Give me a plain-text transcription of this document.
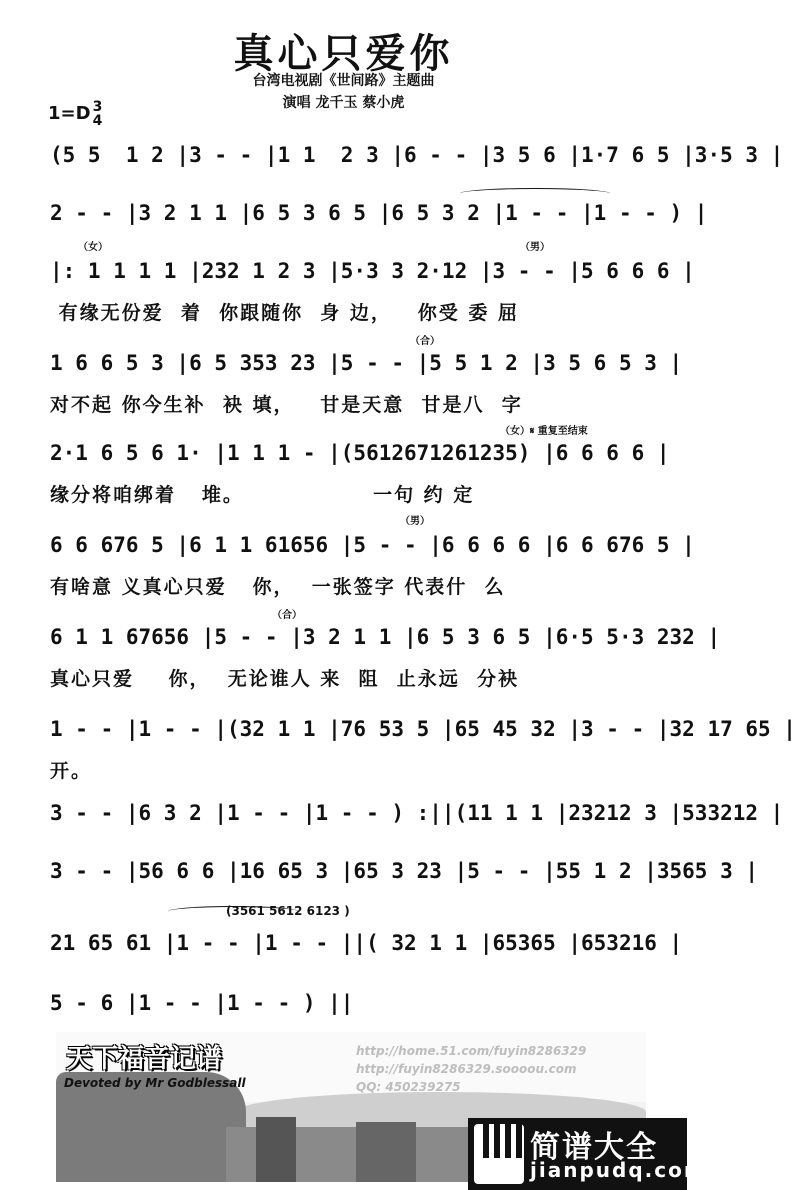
真心只爱你
台湾电视剧《世间路》主题曲
演唱 龙千玉 蔡小虎
1=D 3
4
(5 5  1 2 |3 - - |1 1  2 3 |6 - - |3 5 6 |1·7 6 5 |3·5 3 |
2 - - |3 2 1 1 |6 5 3 6 5 |6 5 3 2 |1 - - |1 - - ) |
（女）	（男）
|: 1 1 1 1 |232 1 2 3 |5·3 3 2·12 |3 - - |5 6 6 6 |
有缘无份爱  着  你跟随你  身 边，   你受 委 屈
（合）
1 6 6 5 3 |6 5 353 23 |5 - - |5 5 1 2 |3 5 6 5 3 |
对不起 你今生补  袂 填，   甘是天意  甘是八  字
（女）𝄋 重复至结束
2·1 6 5 6 1· |1 1 1 - |(5612671261235) |6 6 6 6 |
缘分将咱绑着   堆。               一句 约 定
（男）
6 6 676 5 |6 1 1 61656 |5 - - |6 6 6 6 |6 6 676 5 |
有啥意 义真心只爱   你，  一张签字 代表什  么
（合）
6 1 1 67656 |5 - - |3 2 1 1 |6 5 3 6 5 |6·5 5·3 232 |
真心只爱    你，  无论谁人 来  阻  止永远  分袂
1 - - |1 - - |(32 1 1 |76 53 5 |65 45 32 |3 - - |32 17 65 |
开。
3 - - |6 3 2 |1 - - |1 - - ) :||(11 1 1 |23212 3 |533212 |
3 - - |56 6 6 |16 65 3 |65 3 23 |5 - - |55 1 2 |3565 3 |
(3561 5612 6123 )
21 65 61 |1 - - |1 - - ||( 32 1 1 |65365 |653216 |
5 - 6 |1 - - |1 - - ) ||
天下福音记谱
Devoted by Mr Godblessall
http://home.51.com/fuyin8286329
http://fuyin8286329.soooou.com
QQ: 450239275
简谱大全
jianpudq.com
